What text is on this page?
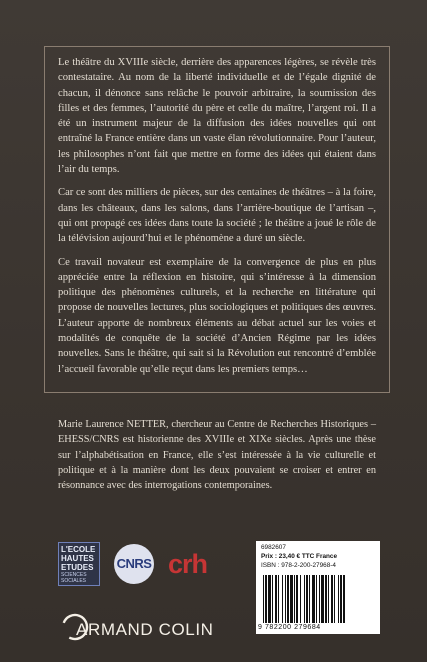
Le théâtre du XVIIIe siècle, derrière des apparences légères, se révèle très contestataire. Au nom de la liberté individuelle et de l’égale dignité de chacun, il dénonce sans relâche le pouvoir arbitraire, la soumission des filles et des femmes, l’autorité du père et celle du maître, l’argent roi. Il a été un instrument majeur de la diffusion des idées nouvelles qui ont entraîné la France entière dans un vaste élan révolutionnaire. Pour l’auteur, les philosophes n’ont fait que mettre en forme des idées qui étaient dans l’air du temps.

Car ce sont des milliers de pièces, sur des centaines de théâtres – à la foire, dans les châteaux, dans les salons, dans l’arrière-boutique de l’artisan –, qui ont propagé ces idées dans toute la société ; le théâtre a joué le rôle de la télévision aujourd’hui et le phénomène a duré un siècle.

Ce travail novateur est exemplaire de la convergence de plus en plus appréciée entre la réflexion en histoire, qui s’intéresse à la dimension politique des phénomènes culturels, et la recherche en littérature qui propose de nouvelles lectures, plus sociologiques et politiques des œuvres. L’auteur apporte de nombreux éléments au débat actuel sur les voies et modalités de conquête de la société d’Ancien Régime par les idées nouvelles. Sans le théâtre, qui sait si la Révolution eut rencontré d’emblée l’accueil favorable qu’elle reçut dans les premiers temps…

Marie Laurence NETTER, chercheur au Centre de Recherches Historiques –EHESS/CNRS est historienne des XVIIIe et XIXe siècles. Après une thèse sur l’alphabétisation en France, elle s’est intéressée à la vie culturelle et politique et à la manière dont les deux pouvaient se croiser et entrer en résonnance avec des interrogations contemporaines.

L'ECOLE
HAUTES
ETUDES
SCIENCES SOCIALES
CNRS crh
6982607
Prix : 23,40 € TTC France
ISBN : 978-2-200-27968-4
9 782200 279684
ARMAND COLIN
